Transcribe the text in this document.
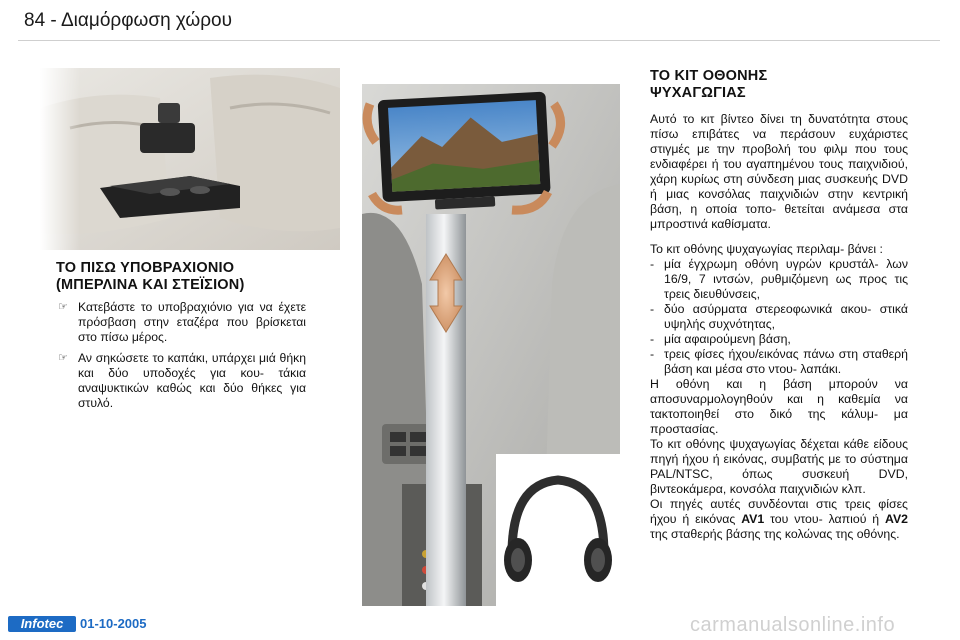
84 - Διαμόρφωση χώρου
ΤΟ ΠΙΣΩ ΥΠΟΒΡΑΧΙΟΝΙΟ
(ΜΠΕΡΛΙΝΑ ΚΑΙ ΣΤΕΪΣΙΟΝ)
☞ Κατεβάστε το υποβραχιόνιο για να έχετε πρόσβαση στην εταζέρα που βρίσκεται στο πίσω μέρος.
☞ Αν σηκώσετε το καπάκι, υπάρχει μιά θήκη και δύο υποδοχές για κου- τάκια αναψυκτικών καθώς και δύο θήκες για στυλό.
ΤΟ ΚΙΤ ΟΘΟΝΗΣ
ΨΥΧΑΓΩΓΙΑΣ

Αυτό το κιτ βίντεο δίνει τη δυνατότητα στους πίσω επιβάτες να περάσουν ευχάριστες στιγμές με την προβολή του φιλμ που τους ενδιαφέρει ή του αγαπημένου τους παιχνιδιού, χάρη κυρίως στη σύνδεση μιας συσκευής DVD ή μιας κονσόλας παιχνιδιών στην κεντρική βάση, η οποία τοπο- θετείται ανάμεσα στα μπροστινά καθίσματα.

Το κιτ οθόνης ψυχαγωγίας περιλαμ- βάνει :

- μία έγχρωμη οθόνη υγρών κρυστάλ- λων 16/9, 7 ιντσών, ρυθμιζόμενη ως προς τις τρεις διευθύνσεις,
- δύο ασύρματα στερεοφωνικά ακου- στικά υψηλής συχνότητας,
- μία αφαιρούμενη βάση,
- τρεις φίσες ήχου/εικόνας πάνω στη σταθερή βάση και μέσα στο ντου- λαπάκι.

Η οθόνη και η βάση μπορούν να αποσυναρμολογηθούν και η καθεμία να τακτοποιηθεί στο δικό της κάλυμ- μα προστασίας.

Το κιτ οθόνης ψυχαγωγίας δέχεται κάθε είδους πηγή ήχου ή εικόνας, συμβατής με το σύστημα PAL/NTSC, όπως συσκευή DVD, βιντεοκάμερα, κονσόλα παιχνιδιών κλπ.

Οι πηγές αυτές συνδέονται στις τρεις φίσες ήχου ή εικόνας AV1 του ντου- λαπιού ή AV2 της σταθερής βάσης της κολώνας της οθόνης.

Infotec	01-10-2005	carmanualsonline.info
